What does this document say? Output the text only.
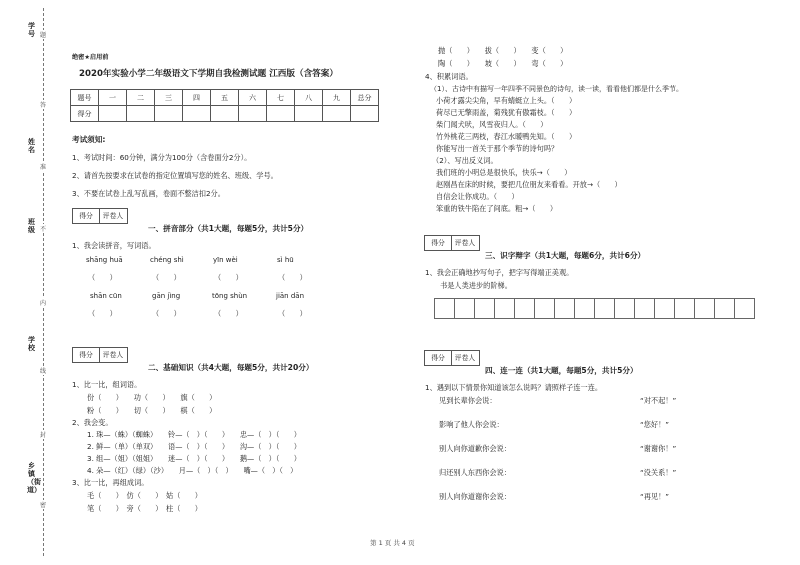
学号
姓名
班级
学校
乡镇（街道）
题
答
准
不
内
线
封
密
绝密★启用前
2020年实验小学二年级语文下学期自我检测试题 江西版（含答案）
题号	一	二	三	四	五	六	七	八	九	总分
得分										
考试须知:
1、考试时间：60分钟，满分为100分（含卷面分2分）。
2、请首先按要求在试卷的指定位置填写您的姓名、班级、学号。
3、不要在试卷上乱写乱画，卷面不整洁扣2分。
得分 评卷人
一、拼音部分（共1大题，每题5分，共计5分）
1、我会读拼音，写词语。
shāng huā	chéng shì	yīn wèi	sì hū
（　　）	（　　）	（　　）	（　　）
shān cūn	gān jìng	tōng shùn	jiān dān
（　　）	（　　）	（　　）	（　　）
得分 评卷人
二、基础知识（共4大题，每题5分，共计20分）
1、比一比，组词语。
份（　　）　　功（　　）　　旗（　　）
粉（　　）　　切（　　）　　棋（　　）
2、我会变。
1. 珠—（蛛）（蜘蛛）　　铃—（　）（　　）　　忠—（　）（　　）
2. 鲜—（单）（单双）　　语—（　）（　　）　　沟—（　）（　　）
3. 组—（姐）（姐姐）　　迷—（　）（　　）　　鹅—（　）（　　）
4. 朵—（红）（绿）（沙）　　月—（　）（　）　　嘴—（　）（　）
3、比一比，再组成词。
毛（　　）　仿（　　）　姑（　　）
笔（　　）　旁（　　）　柱（　　）
抛（　　）　　拔（　　）　　变（　　）
陶（　　）　　坡（　　）　　弯（　　）
4、积累词语。
（1）、古诗中有描写一年四季不同景色的诗句，读一读，看看他们都是什么季节。
小荷才露尖尖角，早有蜻蜓立上头。（　　）
荷尽已无擎雨盖，菊残犹有傲霜枝。（　　）
柴门闻犬吠，风雪夜归人。（　　）
竹外桃花三两枝，春江水暖鸭先知。（　　）
你能写出一首关于那个季节的诗句吗？
（2）、写出反义词。
我们班的小明总是很快乐，快乐→（　　）
赵刚昌在床的时候，要把几位朋友来看看。开放→（　　）
自信会让你成功。（　　）
笨重的铁牛陷在了间底。粗→（　　）
得分 评卷人
三、识字辩字（共1大题，每题6分，共计6分）
1、我会正确地抄写句子，把字写得端正美观。
书是人类进步的阶梯。

得分 评卷人
四、连一连（共1大题，每题5分，共计5分）
1、遇到以下情景你知道该怎么说吗？请照样子连一连。
见到长辈你会说：
影响了他人你会说：
别人向你道歉你会说：
归还别人东西你会说：
别人向你道谢你会说：
“对不起！”
“您好！”
“谢谢你！”
“没关系！”
“再见！”
第 1 页 共 4 页
